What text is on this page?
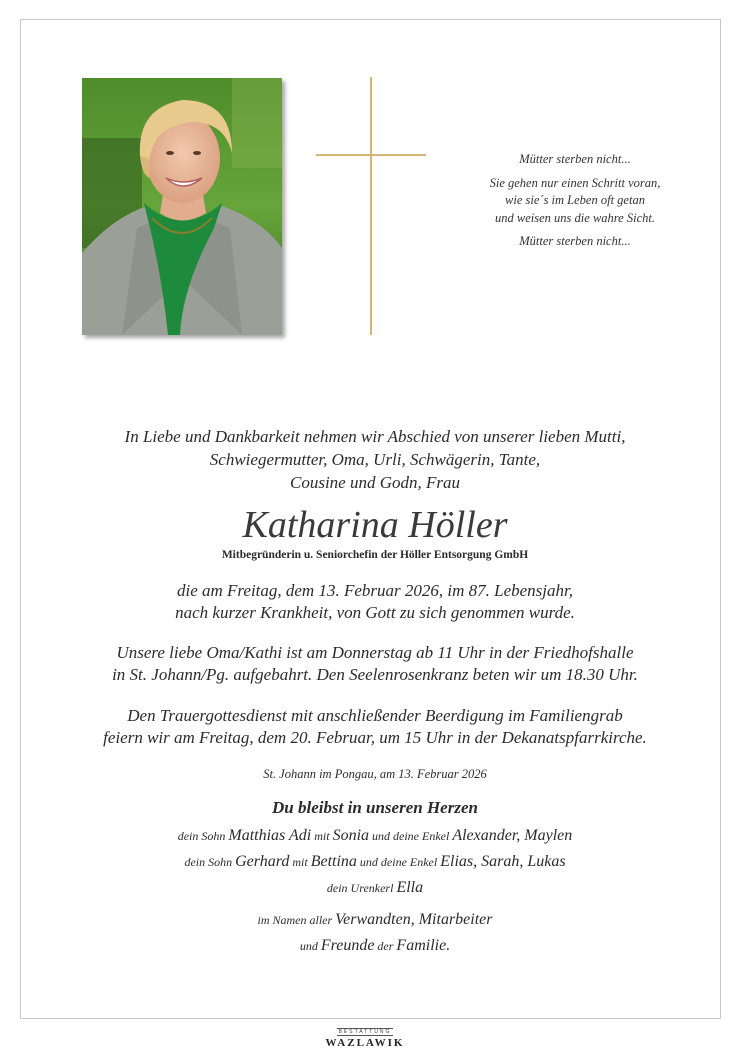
Mütter sterben nicht...

Sie gehen nur einen Schritt voran,

wie sie´s im Leben oft getan

und weisen uns die wahre Sicht.

Mütter sterben nicht...

In Liebe und Dankbarkeit nehmen wir Abschied von unserer lieben Mutti,

Schwiegermutter, Oma, Urli, Schwägerin, Tante,

Cousine und Godn, Frau

Katharina Höller
Mitbegründerin u. Seniorchefin der Höller Entsorgung GmbH

die am Freitag, dem 13. Februar 2026, im 87. Lebensjahr,

nach kurzer Krankheit, von Gott zu sich genommen wurde.

Unsere liebe Oma/Kathi ist am Donnerstag ab 11 Uhr in der Friedhofshalle

in St. Johann/Pg. aufgebahrt. Den Seelenrosenkranz beten wir um 18.30 Uhr.

Den Trauergottesdienst mit anschließender Beerdigung im Familiengrab

feiern wir am Freitag, dem 20. Februar, um 15 Uhr in der Dekanatspfarrkirche.

St. Johann im Pongau, am 13. Februar 2026
Du bleibst in unseren Herzen

dein Sohn Matthias Adi mit Sonia und deine Enkel Alexander, Maylen

dein Sohn Gerhard mit Bettina und deine Enkel Elias, Sarah, Lukas

dein Urenkerl Ella

im Namen aller Verwandten, Mitarbeiter

und Freunde der Familie.

BESTATTUNG
WAZLAWIK
